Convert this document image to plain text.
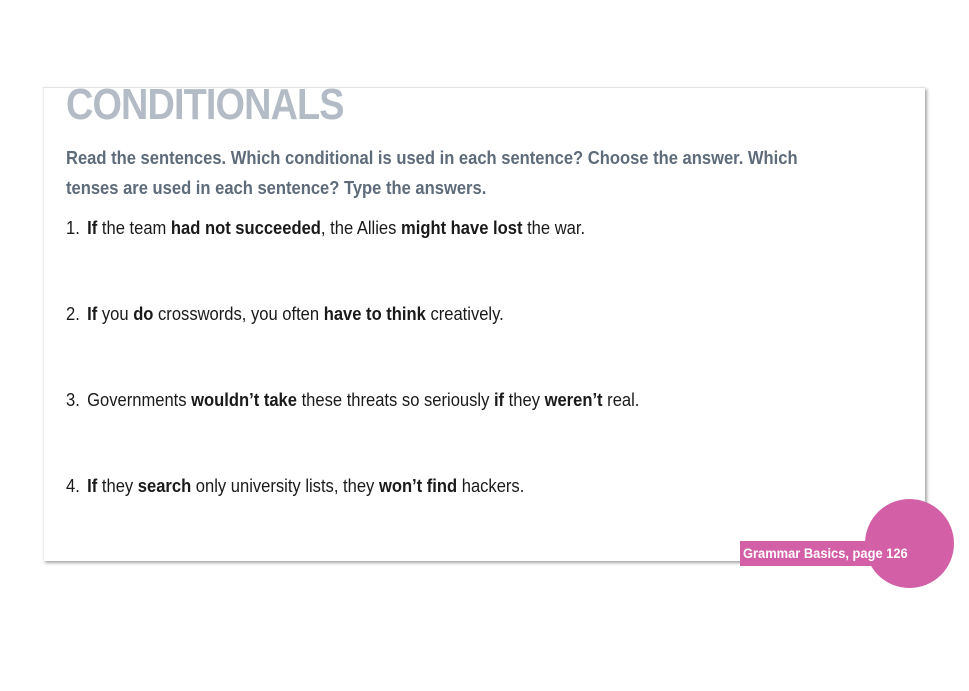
CONDITIONALS

Read the sentences. Which conditional is used in each sentence? Choose the answer. Which tenses are used in each sentence? Type the answers.

1. If the team had not succeeded, the Allies might have lost the war.

2. If you do crosswords, you often have to think creatively.

3. Governments wouldn’t take these threats so seriously if they weren’t real.

4. If they search only university lists, they won’t find hackers.

Grammar Basics, page 126
